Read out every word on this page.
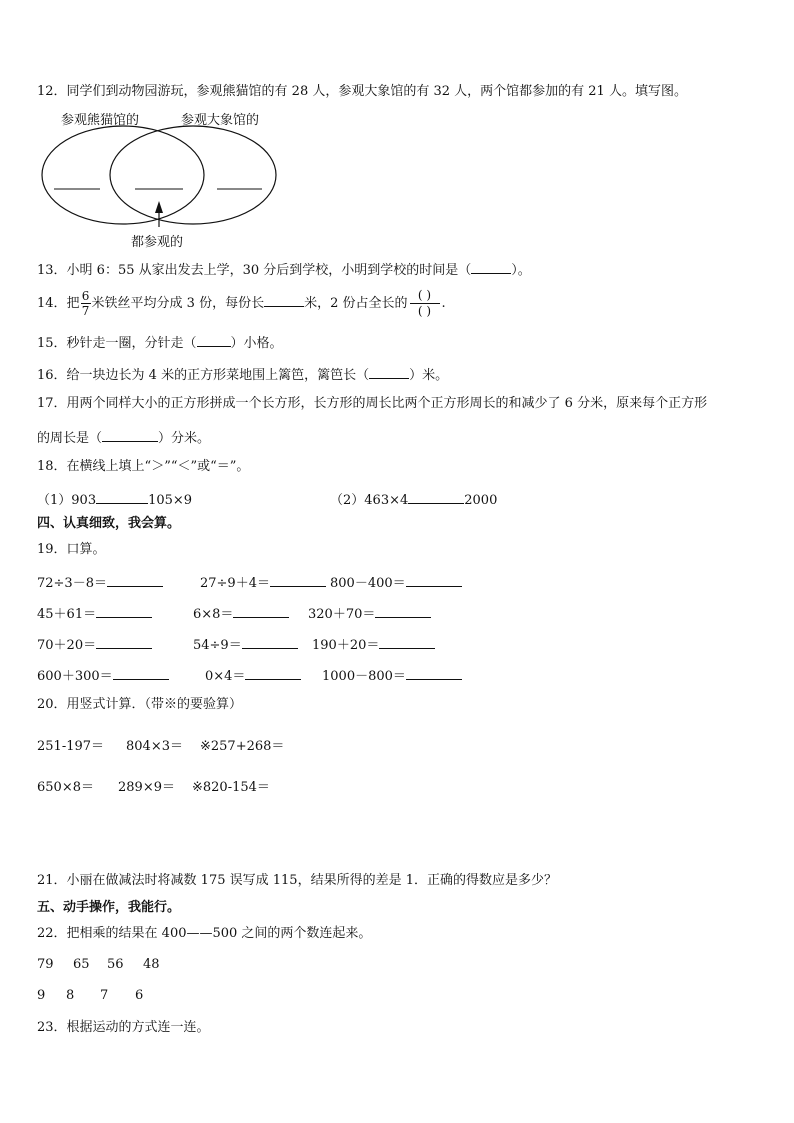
12．同学们到动物园游玩，参观熊猫馆的有 28 人，参观大象馆的有 32 人，两个馆都参加的有 21 人。填写图。
参观熊猫馆的	参观大象馆的
都参观的
13．小明 6：55 从家出发去上学，30 分后到学校，小明到学校的时间是（	）。
14．把 $\frac{6}{7}$ 米铁丝平均分成 3 份，每份长	米，2 份占全长的
( )
( ) .
15．秒针走一圈，分针走（	）小格。
16．给一块边长为 4 米的正方形菜地围上篱笆，篱笆长（	）米。
17．用两个同样大小的正方形拼成一个长方形，长方形的周长比两个正方形周长的和减少了 6 分米，原来每个正方形
的周长是（	）分米。
18．在横线上填上“＞”“＜”或“＝”。
（1）903	105×9	（2）463×4	2000
四、认真细致，我会算。
19．口算。
72÷3－8＝	27÷9＋4＝	800－400＝
45＋61＝	6×8＝	320＋70＝
70＋20＝	54÷9＝	190＋20＝
600＋300＝	0×4＝	1000－800＝
20．用竖式计算．（带※的要验算）
251-197＝ 804×3＝ ※257+268＝
650×8＝ 289×9＝ ※820-154＝
21．小丽在做减法时将减数 175 误写成 115，结果所得的差是 1．正确的得数应是多少？
五、动手操作，我能行。
22．把相乘的结果在 400——500 之间的两个数连起来。
79 65 56 48
9 8 7 6
23．根据运动的方式连一连。
